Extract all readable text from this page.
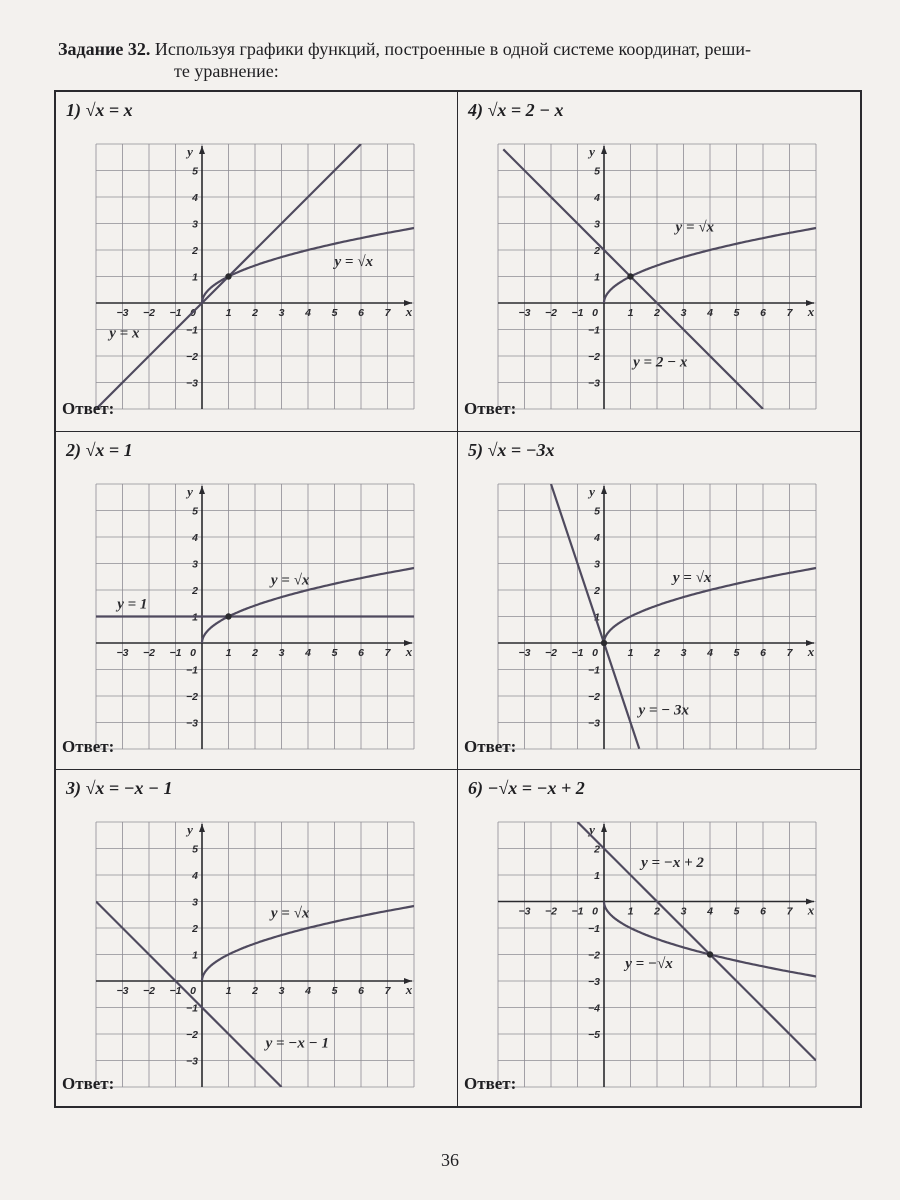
Задание 32. Используя графики функций, построенные в одной системе координат, реши-
те уравнение:
1) √x = x
−3 −2 −1 0	1 2 3 4 5 6 7
5
4
3
2
1
−1
−2
−3
x
y
y = √x
y = x
Ответ:
4) √x = 2 − x
−3 −2 −1 0	1 2 3 4 5 6 7
5
4
3
2
1
−1
−2
−3
x
y
y = √x
y = 2 − x
Ответ:
2) √x = 1
−3 −2 −1 0	1 2 3 4 5 6 7
5
4
3
2
1
−1
−2
−3
x
y
y = √x
y = 1
Ответ:
5) √x = −3x
−3 −2 −1 0	1 2 3 4 5 6 7
5
4
3
2
1
−1
−2
−3
x
y
y = √x
y = − 3x
Ответ:
3) √x = −x − 1
−3 −2 −1 0	1 2 3 4 5 6 7
5
4
3
2
1
−1
−2
−3
x
y
y = √x
y = −x − 1
Ответ:
6) −√x = −x + 2
−3 −2 −1 0	1 2 3 4 5 6 7
2
1
−1
−2
−3
−4
−5
x
y
y = −x + 2
y = −√x
Ответ:
36
